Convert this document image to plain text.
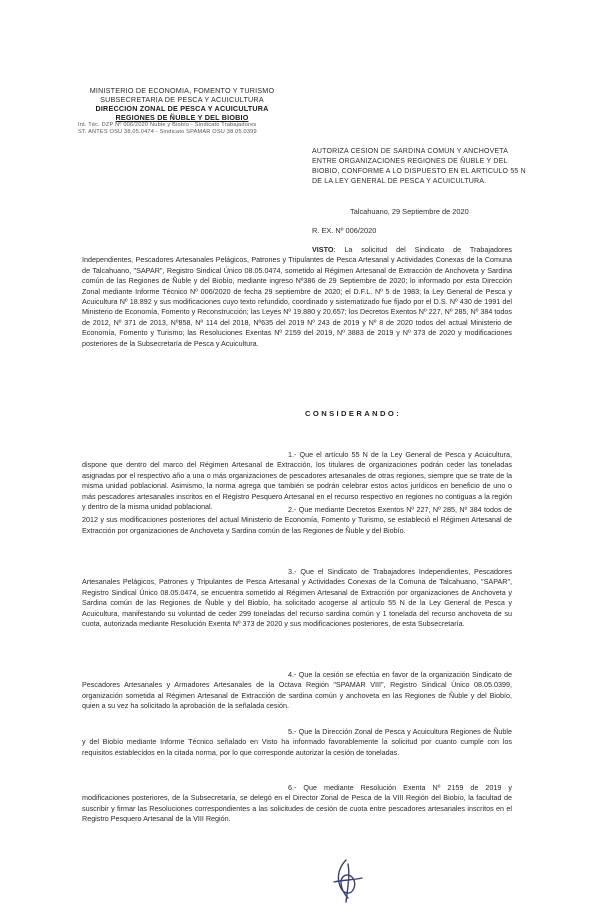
MINISTERIO DE ECONOMIA, FOMENTO Y TURISMO
SUBSECRETARIA DE PESCA Y ACUICULTURA
DIRECCION ZONAL DE PESCA Y ACUICULTURA
REGIONES DE ÑUBLE Y DEL BIOBIO
Int. Téc. DZP Nº 006/2020 Ñuble y Biobío - Sindicato Trabajadores
ST. ANTES OSU 38.05.0474 - Sindicato SPAMAR OSU 38.05.0399
AUTORIZA CESION DE SARDINA COMUN Y ANCHOVETA ENTRE ORGANIZACIONES REGIONES DE ÑUBLE Y DEL BIOBIO, CONFORME A LO DISPUESTO EN EL ARTICULO 55 N DE LA LEY GENERAL DE PESCA Y ACUICULTURA.
Talcahuano, 29 Septiembre de 2020
R. EX. Nº 006/2020
VISTO: La solicitud del Sindicato de Trabajadores Independientes, Pescadores Artesanales Pelágicos, Patrones y Tripulantes de Pesca Artesanal y Actividades Conexas de la Comuna de Talcahuano, "SAPAR", Registro Sindical Único 08.05.0474, sometido al Régimen Artesanal de Extracción de Anchoveta y Sardina común de las Regiones de Ñuble y del Biobío, mediante ingreso Nº386 de 29 Septiembre de 2020; lo informado por esta Dirección Zonal mediante Informe Técnico Nº 006/2020 de fecha 29 septiembre de 2020; el D.F.L. Nº 5 de 1983; la Ley General de Pesca y Acuicultura Nº 18.892 y sus modificaciones cuyo texto refundido, coordinado y sistematizado fue fijado por el D.S. Nº 430 de 1991 del Ministerio de Economía, Fomento y Reconstrucción; las Leyes Nº 19.880 y 20.657; los Decretos Exentos Nº 227, Nº 285, Nº 384 todos de 2012, Nº 371 de 2013, Nº858, Nº 114 del 2018, Nº635 del 2019 Nº 243 de 2019 y Nº 8 de 2020 todos del actual Ministerio de Economía, Fomento y Turismo; las Resoluciones Exentas Nº 2159 del 2019, Nº 3883 de 2019 y Nº 373 de 2020 y modificaciones posteriores de la Subsecretaría de Pesca y Acuicultura.
CONSIDERANDO:
1.- Que el artículo 55 N de la Ley General de Pesca y Acuicultura, dispone que dentro del marco del Régimen Artesanal de Extracción, los titulares de organizaciones podrán ceder las toneladas asignadas por el respectivo año a una o más organizaciones de pescadores artesanales de otras regiones, siempre que se trate de la misma unidad poblacional. Asimismo, la norma agrega que también se podrán celebrar estos actos jurídicos en beneficio de uno o más pescadores artesanales inscritos en el Registro Pesquero Artesanal en el recurso respectivo en regiones no contiguas a la región y dentro de la misma unidad poblacional.	2.- Que mediante Decretos Exentos Nº 227, Nº 285, Nº 384 todos de 2012 y sus modificaciones posteriores del actual Ministerio de Economía, Fomento y Turismo, se estableció el Régimen Artesanal de Extracción por organizaciones de Anchoveta y Sardina común de las Regiones de Ñuble y del Biobío.
3.- Que el Sindicato de Trabajadores Independientes, Pescadores Artesanales Pelágicos, Patrones y Tripulantes de Pesca Artesanal y Actividades Conexas de la Comuna de Talcahuano, "SAPAR", Registro Sindical Único 08.05.0474, se encuentra sometido al Régimen Artesanal de Extracción por organizaciones de Anchoveta y Sardina común de las Regiones de Ñuble y del Biobío, ha solicitado acogerse al artículo 55 N de la Ley General de Pesca y Acuicultura, manifestando su voluntad de ceder 299 toneladas del recurso sardina común y 1 tonelada del recurso anchoveta de su cuota, autorizada mediante Resolución Exenta Nº 373 de 2020 y sus modificaciones posteriores, de esta Subsecretaría.
4.- Que la cesión se efectúa en favor de la organización Sindicato de Pescadores Artesanales y Armadores Artesanales de la Octava Región "SPAMAR VIII", Registro Sindical Único 08.05.0399, organización sometida al Régimen Artesanal de Extracción de sardina común y anchoveta en las Regiones de Ñuble y del Biobío, quien a su vez ha solicitado la aprobación de la señalada cesión.
5.- Que la Dirección Zonal de Pesca y Acuicultura Regiones de Ñuble y del Biobío mediante Informe Técnico señalado en Visto ha informado favorablemente la solicitud por cuanto cumple con los requisitos establecidos en la citada norma, por lo que corresponde autorizar la cesión de toneladas.
6.- Que mediante Resolución Exenta Nº 2159 de 2019 y modificaciones posteriores, de la Subsecretaría, se delegó en el Director Zonal de Pesca de la VIII Región del Biobío, la facultad de suscribir y firmar las Resoluciones correspondientes a las solicitudes de cesión de cuota entre pescadores artesanales inscritos en el Registro Pesquero Artesanal de la VIII Región.
